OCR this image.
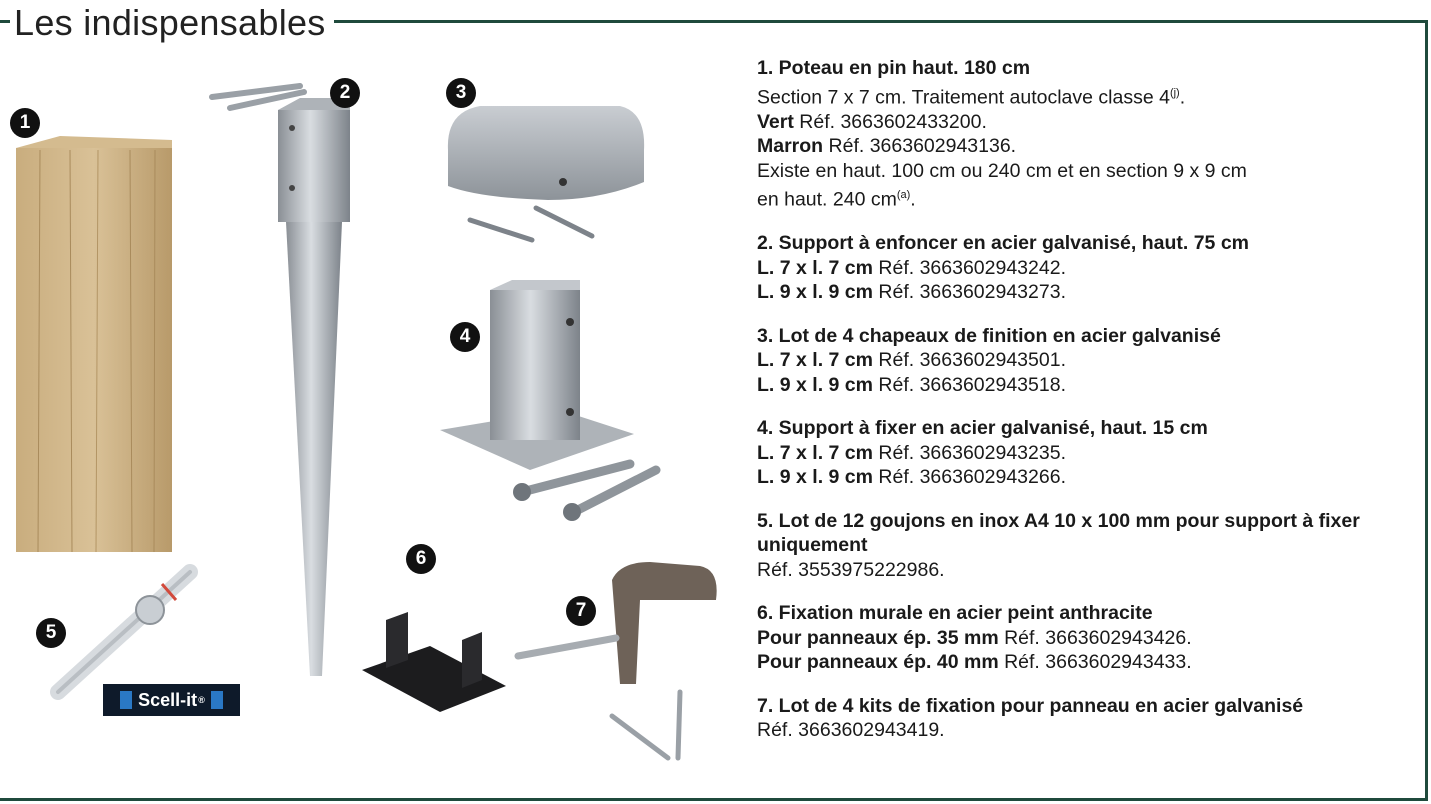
Les indispensables
1
2	3
4
5
6
7
Scell-it ®
1. Poteau en pin haut. 180 cm
Section 7 x 7 cm. Traitement autoclave classe 4$^{(j)}$.
Vert Réf. 3663602433200.
Marron Réf. 3663602943136.
Existe en haut. 100 cm ou 240 cm et en section 9 x 9 cm
en haut. 240 $cm^{(a)}$.
2. Support à enfoncer en acier galvanisé, haut. 75 cm
L. 7 x l. 7 cm Réf. 3663602943242.
L. 9 x l. 9 cm Réf. 3663602943273.
3. Lot de 4 chapeaux de finition en acier galvanisé
L. 7 x l. 7 cm Réf. 3663602943501.
L. 9 x l. 9 cm Réf. 3663602943518.
4. Support à fixer en acier galvanisé, haut. 15 cm
L. 7 x l. 7 cm Réf. 3663602943235.
L. 9 x l. 9 cm Réf. 3663602943266.
5. Lot de 12 goujons en inox A4 10 x 100 mm pour support à fixer uniquement
Réf. 3553975222986.
6. Fixation murale en acier peint anthracite
Pour panneaux ép. 35 mm Réf. 3663602943426.
Pour panneaux ép. 40 mm Réf. 3663602943433.
7. Lot de 4 kits de fixation pour panneau en acier galvanisé
Réf. 3663602943419.
